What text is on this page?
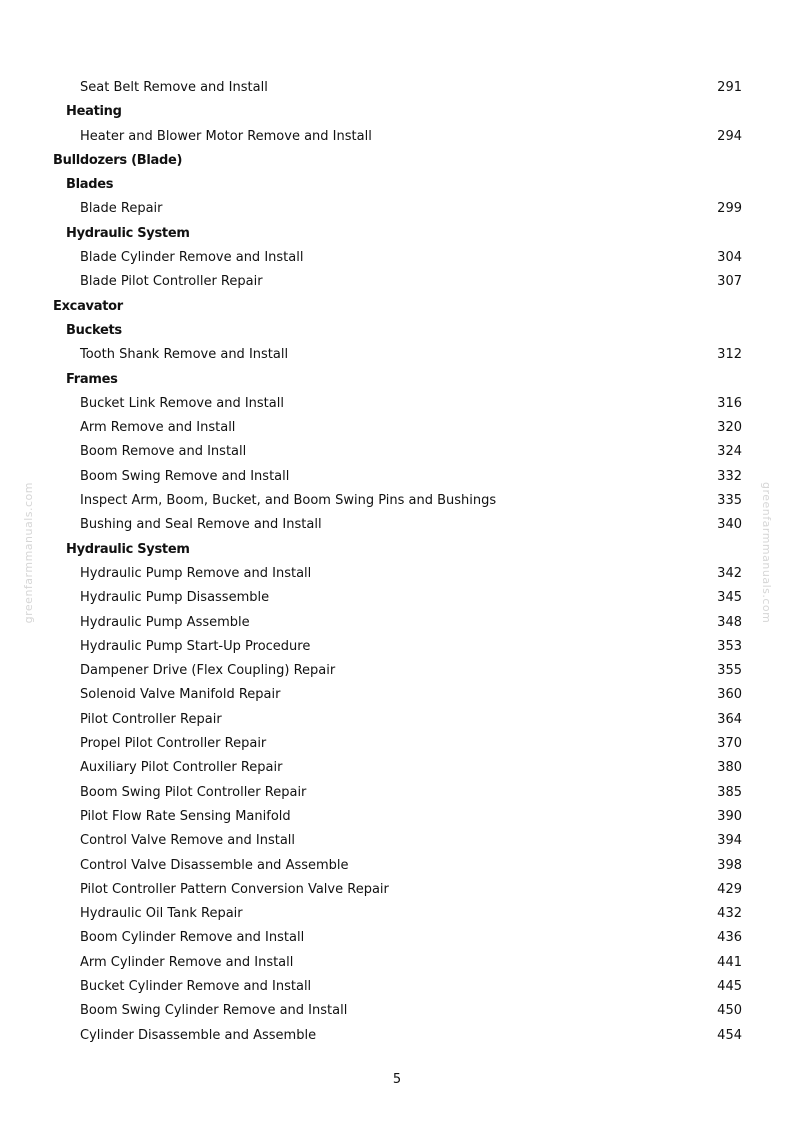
Seat Belt Remove and Install	291
Heating
Heater and Blower Motor Remove and Install	294
Bulldozers (Blade)
Blades
Blade Repair	299
Hydraulic System
Blade Cylinder Remove and Install	304
Blade Pilot Controller Repair	307
Excavator
Buckets
Tooth Shank Remove and Install	312
Frames
Bucket Link Remove and Install	316
Arm Remove and Install	320
Boom Remove and Install	324
Boom Swing Remove and Install	332
Inspect Arm, Boom, Bucket, and Boom Swing Pins and Bushings	335
Bushing and Seal Remove and Install	340
Hydraulic System
Hydraulic Pump Remove and Install	342
Hydraulic Pump Disassemble	345
Hydraulic Pump Assemble	348
Hydraulic Pump Start-Up Procedure	353
Dampener Drive (Flex Coupling) Repair	355
Solenoid Valve Manifold Repair	360
Pilot Controller Repair	364
Propel Pilot Controller Repair	370
Auxiliary Pilot Controller Repair	380
Boom Swing Pilot Controller Repair	385
Pilot Flow Rate Sensing Manifold	390
Control Valve Remove and Install	394
Control Valve Disassemble and Assemble	398
Pilot Controller Pattern Conversion Valve Repair	429
Hydraulic Oil Tank Repair	432
Boom Cylinder Remove and Install	436
Arm Cylinder Remove and Install	441
Bucket Cylinder Remove and Install	445
Boom Swing Cylinder Remove and Install	450
Cylinder Disassemble and Assemble	454
greenfarmmanuals.com	greenfarmmanuals.com
5
